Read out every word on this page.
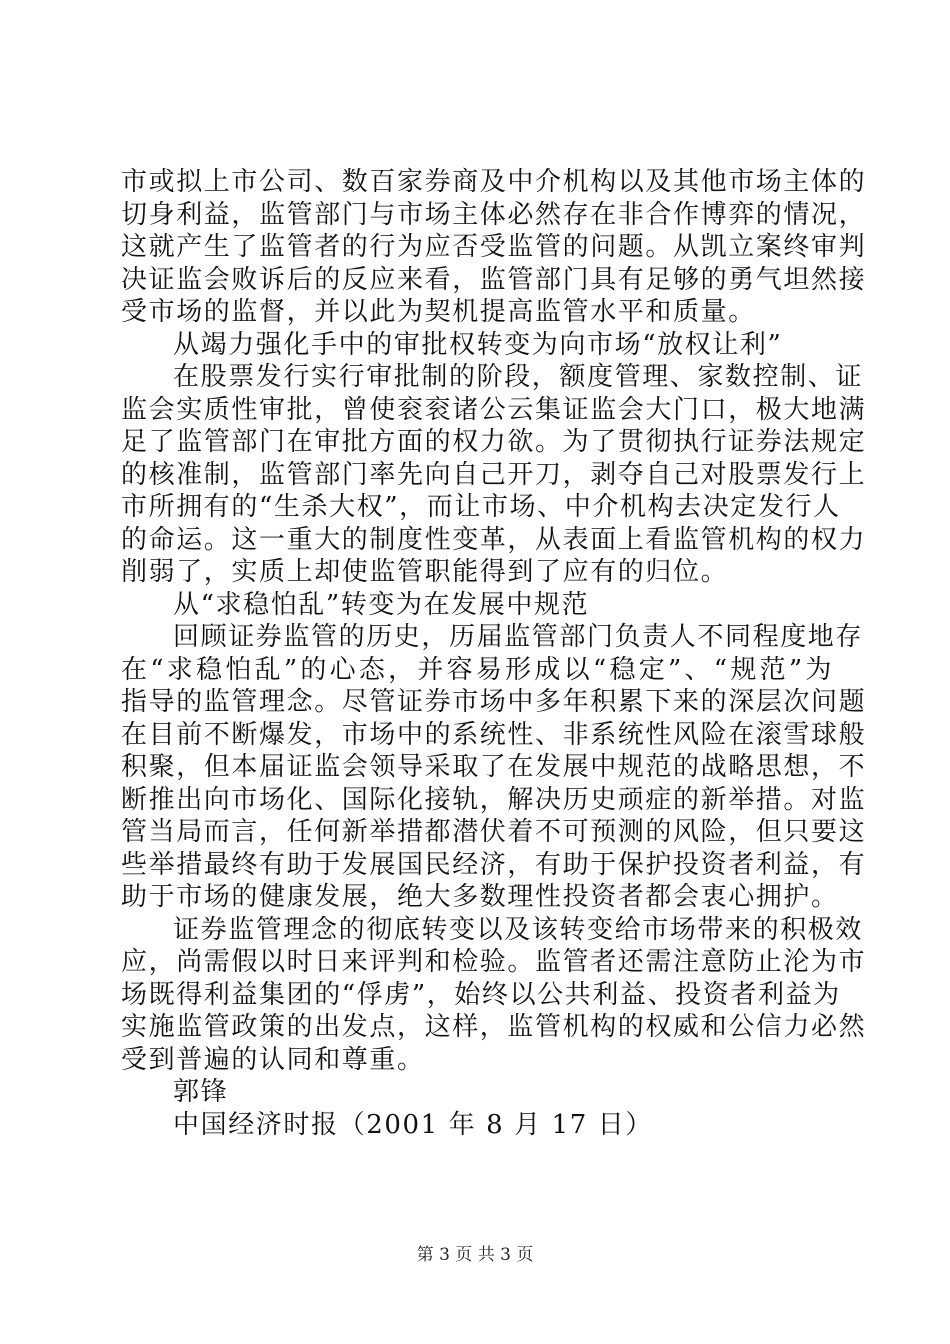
市或拟上市公司、数百家券商及中介机构以及其他市场主体的
切身利益，监管部门与市场主体必然存在非合作博弈的情况，
这就产生了监管者的行为应否受监管的问题。从凯立案终审判
决证监会败诉后的反应来看，监管部门具有足够的勇气坦然接
受市场的监督，并以此为契机提高监管水平和质量。
从竭力强化手中的审批权转变为向市场“放权让利”
在股票发行实行审批制的阶段，额度管理、家数控制、证
监会实质性审批，曾使衮衮诸公云集证监会大门口，极大地满
足了监管部门在审批方面的权力欲。为了贯彻执行证券法规定
的核准制，监管部门率先向自己开刀，剥夺自己对股票发行上
市所拥有的“生杀大权”，而让市场、中介机构去决定发行人
的命运。这一重大的制度性变革，从表面上看监管机构的权力
削弱了，实质上却使监管职能得到了应有的归位。
从“求稳怕乱”转变为在发展中规范
回顾证券监管的历史，历届监管部门负责人不同程度地存
在“求稳怕乱”的心态，并容易形成以“稳定”、“规范”为
指导的监管理念。尽管证券市场中多年积累下来的深层次问题
在目前不断爆发，市场中的系统性、非系统性风险在滚雪球般
积聚，但本届证监会领导采取了在发展中规范的战略思想，不
断推出向市场化、国际化接轨，解决历史顽症的新举措。对监
管当局而言，任何新举措都潜伏着不可预测的风险，但只要这
些举措最终有助于发展国民经济，有助于保护投资者利益，有
助于市场的健康发展，绝大多数理性投资者都会衷心拥护。
证券监管理念的彻底转变以及该转变给市场带来的积极效
应，尚需假以时日来评判和检验。监管者还需注意防止沦为市
场既得利益集团的“俘虏”，始终以公共利益、投资者利益为
实施监管政策的出发点，这样，监管机构的权威和公信力必然
受到普遍的认同和尊重。
郭锋
中国经济时报（2001 年 8 月 17 日）
第 3 页 共 3 页
